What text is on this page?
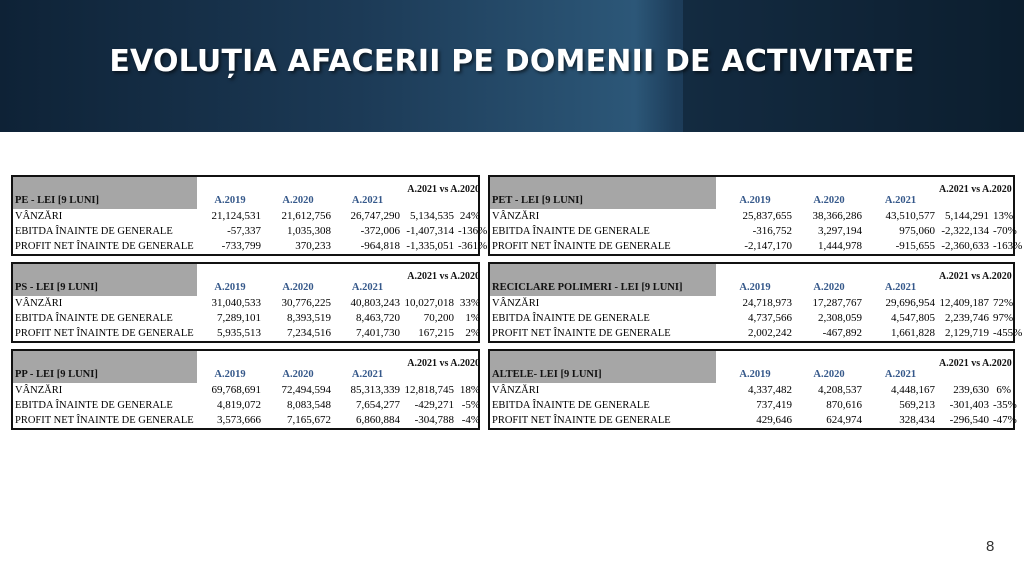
EVOLUȚIA AFACERII PE DOMENII DE ACTIVITATE
PE - LEI [9 LUNI]	A.2019	A.2020	A.2021	A.2021 vs A.2020	
VÂNZĂRI	21,124,531	21,612,756	26,747,290	5,134,535	24%
EBITDA ÎNAINTE DE GENERALE	-57,337	1,035,308	-372,006	-1,407,314	-136%
PROFIT NET ÎNAINTE DE GENERALE	-733,799	370,233	-964,818	-1,335,051	-361%
PET - LEI [9 LUNI]	A.2019	A.2020	A.2021	A.2021 vs A.2020	
VÂNZĂRI	25,837,655	38,366,286	43,510,577	5,144,291	13%
EBITDA ÎNAINTE DE GENERALE	-316,752	3,297,194	975,060	-2,322,134	-70%
PROFIT NET ÎNAINTE DE GENERALE	-2,147,170	1,444,978	-915,655	-2,360,633	-163%
PS - LEI [9 LUNI]	A.2019	A.2020	A.2021	A.2021 vs A.2020	
VÂNZĂRI	31,040,533	30,776,225	40,803,243	10,027,018	33%
EBITDA ÎNAINTE DE GENERALE	7,289,101	8,393,519	8,463,720	70,200	1%
PROFIT NET ÎNAINTE DE GENERALE	5,935,513	7,234,516	7,401,730	167,215	2%
RECICLARE POLIMERI - LEI [9 LUNI]	A.2019	A.2020	A.2021	A.2021 vs A.2020	
VÂNZĂRI	24,718,973	17,287,767	29,696,954	12,409,187	72%
EBITDA ÎNAINTE DE GENERALE	4,737,566	2,308,059	4,547,805	2,239,746	97%
PROFIT NET ÎNAINTE DE GENERALE	2,002,242	-467,892	1,661,828	2,129,719	-455%
PP - LEI [9 LUNI]	A.2019	A.2020	A.2021	A.2021 vs A.2020	
VÂNZĂRI	69,768,691	72,494,594	85,313,339	12,818,745	18%
EBITDA ÎNAINTE DE GENERALE	4,819,072	8,083,548	7,654,277	-429,271	-5%
PROFIT NET ÎNAINTE DE GENERALE	3,573,666	7,165,672	6,860,884	-304,788	-4%
ALTELE- LEI [9 LUNI]	A.2019	A.2020	A.2021	A.2021 vs A.2020	
VÂNZĂRI	4,337,482	4,208,537	4,448,167	239,630	6%
EBITDA ÎNAINTE DE GENERALE	737,419	870,616	569,213	-301,403	-35%
PROFIT NET ÎNAINTE DE GENERALE	429,646	624,974	328,434	-296,540	-47%
8
